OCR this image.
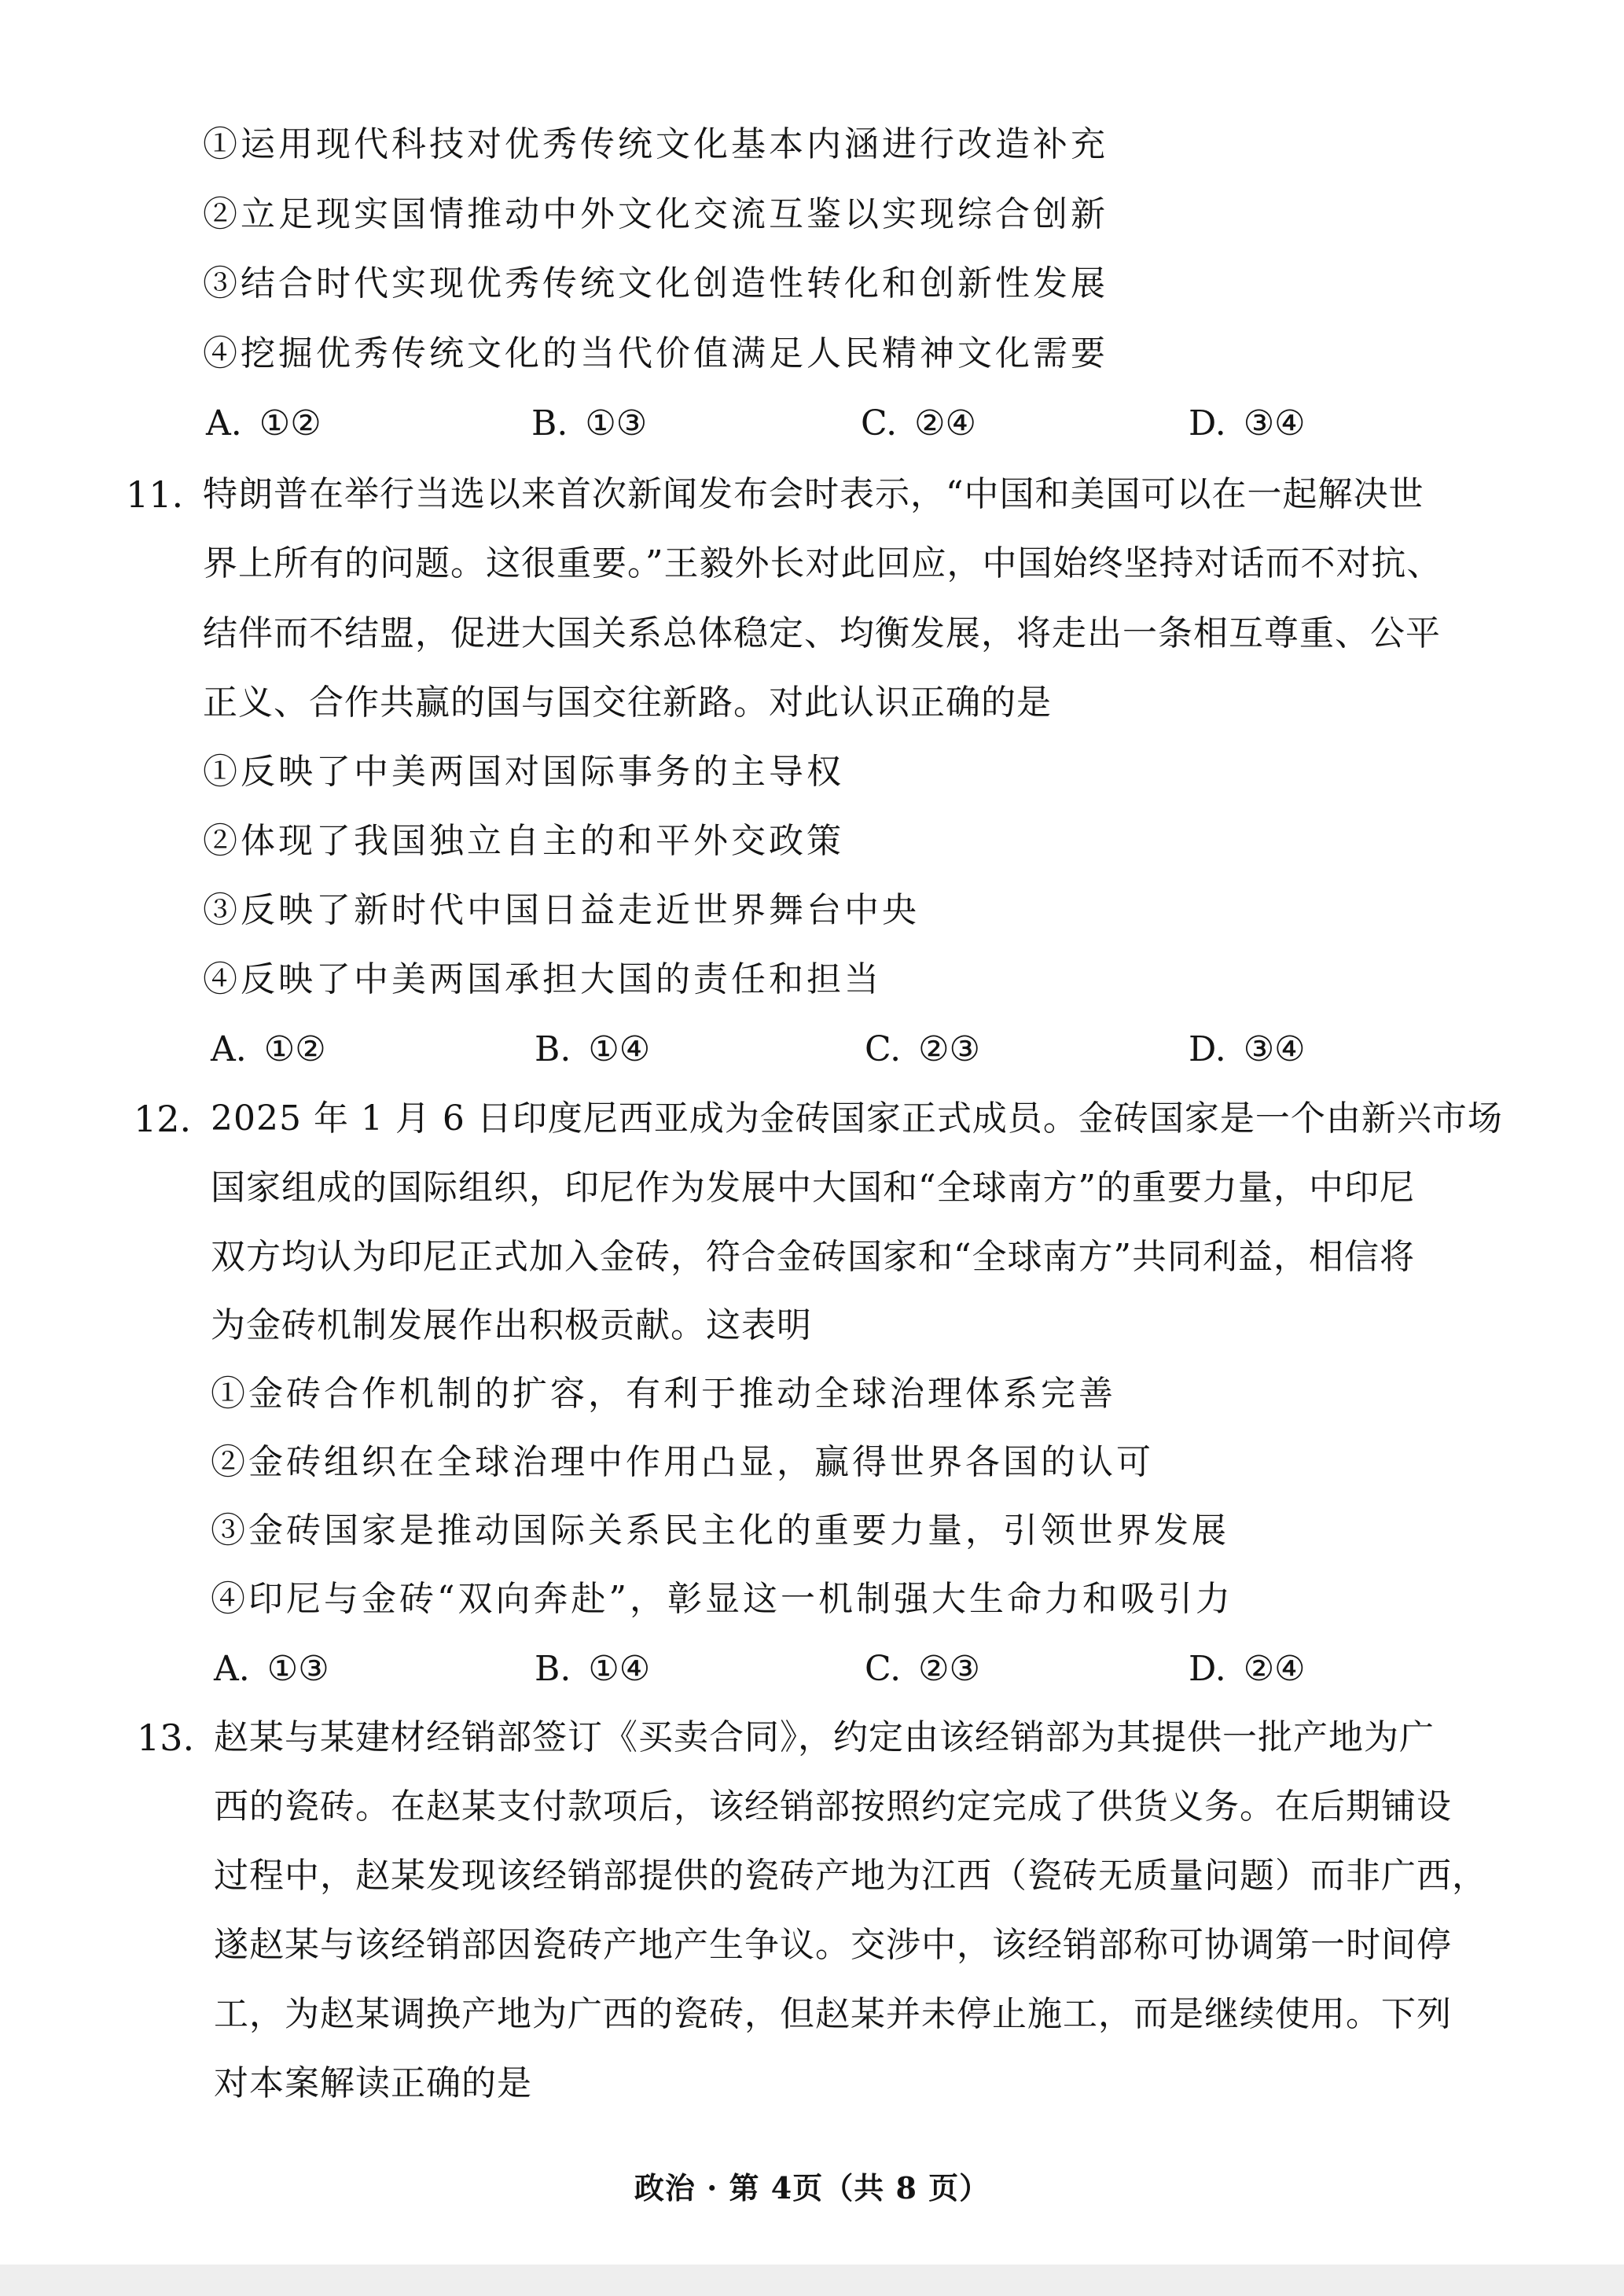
①运用现代科技对优秀传统文化基本内涵进行改造补充
②立足现实国情推动中外文化交流互鉴以实现综合创新
③结合时代实现优秀传统文化创造性转化和创新性发展
④挖掘优秀传统文化的当代价值满足人民精神文化需要
A. ①②	B. ①③	C. ②④	D. ③④
11. 特朗普在举行当选以来首次新闻发布会时表示，“中国和美国可以在一起解决世
界上所有的问题。这很重要。”王毅外长对此回应，中国始终坚持对话而不对抗、
结伴而不结盟，促进大国关系总体稳定、均衡发展，将走出一条相互尊重、公平
正义、合作共赢的国与国交往新路。对此认识正确的是
①反映了中美两国对国际事务的主导权
②体现了我国独立自主的和平外交政策
③反映了新时代中国日益走近世界舞台中央
④反映了中美两国承担大国的责任和担当
A. ①②	B. ①④	C. ②③	D. ③④
12. 2025 年 1 月 6 日印度尼西亚成为金砖国家正式成员。金砖国家是一个由新兴市场
国家组成的国际组织，印尼作为发展中大国和“全球南方”的重要力量，中印尼
双方均认为印尼正式加入金砖，符合金砖国家和“全球南方”共同利益，相信将
为金砖机制发展作出积极贡献。这表明
①金砖合作机制的扩容，有利于推动全球治理体系完善
②金砖组织在全球治理中作用凸显，赢得世界各国的认可
③金砖国家是推动国际关系民主化的重要力量，引领世界发展
④印尼与金砖“双向奔赴”，彰显这一机制强大生命力和吸引力
A. ①③	B. ①④	C. ②③	D. ②④
13. 赵某与某建材经销部签订《买卖合同》，约定由该经销部为其提供一批产地为广
西的瓷砖。在赵某支付款项后，该经销部按照约定完成了供货义务。在后期铺设
过程中，赵某发现该经销部提供的瓷砖产地为江西（瓷砖无质量问题）而非广西，
遂赵某与该经销部因瓷砖产地产生争议。交涉中，该经销部称可协调第一时间停
工，为赵某调换产地为广西的瓷砖，但赵某并未停止施工，而是继续使用。下列
对本案解读正确的是
政治 · 第 4页（共 8 页）
